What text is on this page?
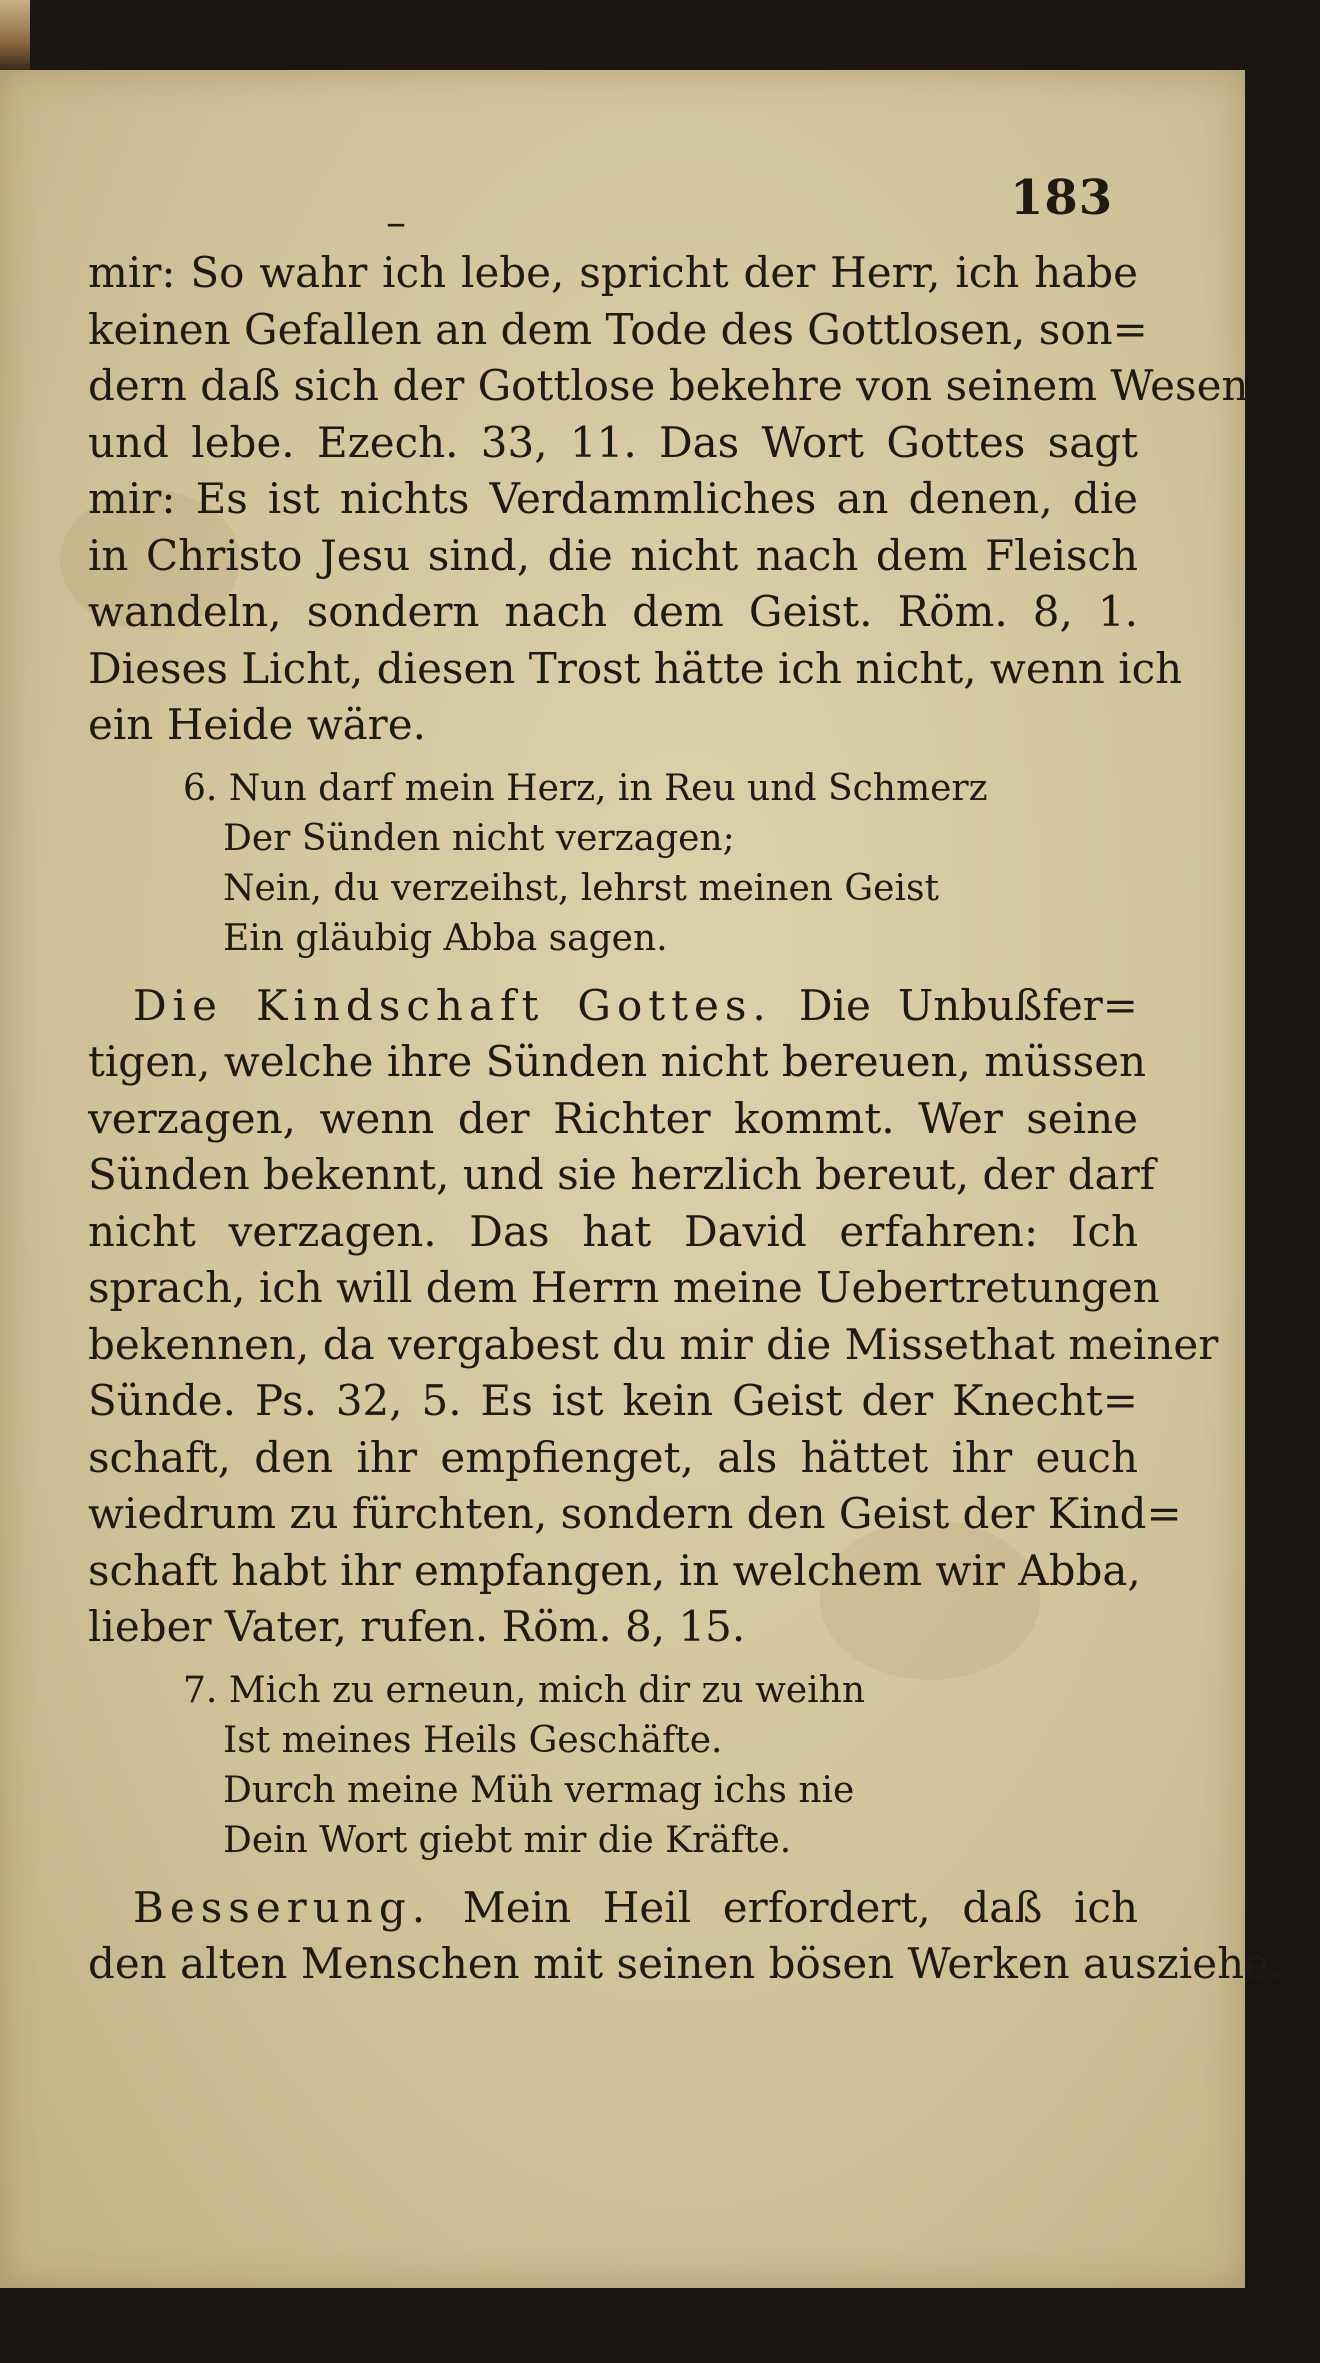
–	183
mir: So wahr ich lebe, spricht der Herr, ich habe
keinen Gefallen an dem Tode des Gottlosen, son=
dern daß sich der Gottlose bekehre von seinem Wesen
und lebe. Ezech. 33, 11. Das Wort Gottes sagt
mir: Es ist nichts Verdammliches an denen, die
in Christo Jesu sind, die nicht nach dem Fleisch
wandeln, sondern nach dem Geist. Röm. 8, 1.
Dieses Licht, diesen Trost hätte ich nicht, wenn ich
ein Heide wäre.
6. Nun darf mein Herz, in Reu und Schmerz
Der Sünden nicht verzagen;
Nein, du verzeihst, lehrst meinen Geist
Ein gläubig Abba sagen.
Die Kindschaft Gottes. Die Unbußfer=
tigen, welche ihre Sünden nicht bereuen, müssen
verzagen, wenn der Richter kommt. Wer seine
Sünden bekennt, und sie herzlich bereut, der darf
nicht verzagen. Das hat David erfahren: Ich
sprach, ich will dem Herrn meine Uebertretungen
bekennen, da vergabest du mir die Missethat meiner
Sünde. Ps. 32, 5. Es ist kein Geist der Knecht=
schaft, den ihr empfienget, als hättet ihr euch
wiedrum zu fürchten, sondern den Geist der Kind=
schaft habt ihr empfangen, in welchem wir Abba,
lieber Vater, rufen. Röm. 8, 15.
7. Mich zu erneun, mich dir zu weihn
Ist meines Heils Geschäfte.
Durch meine Müh vermag ichs nie
Dein Wort giebt mir die Kräfte.
Besserung. Mein Heil erfordert, daß ich
den alten Menschen mit seinen bösen Werken ausziehe.
